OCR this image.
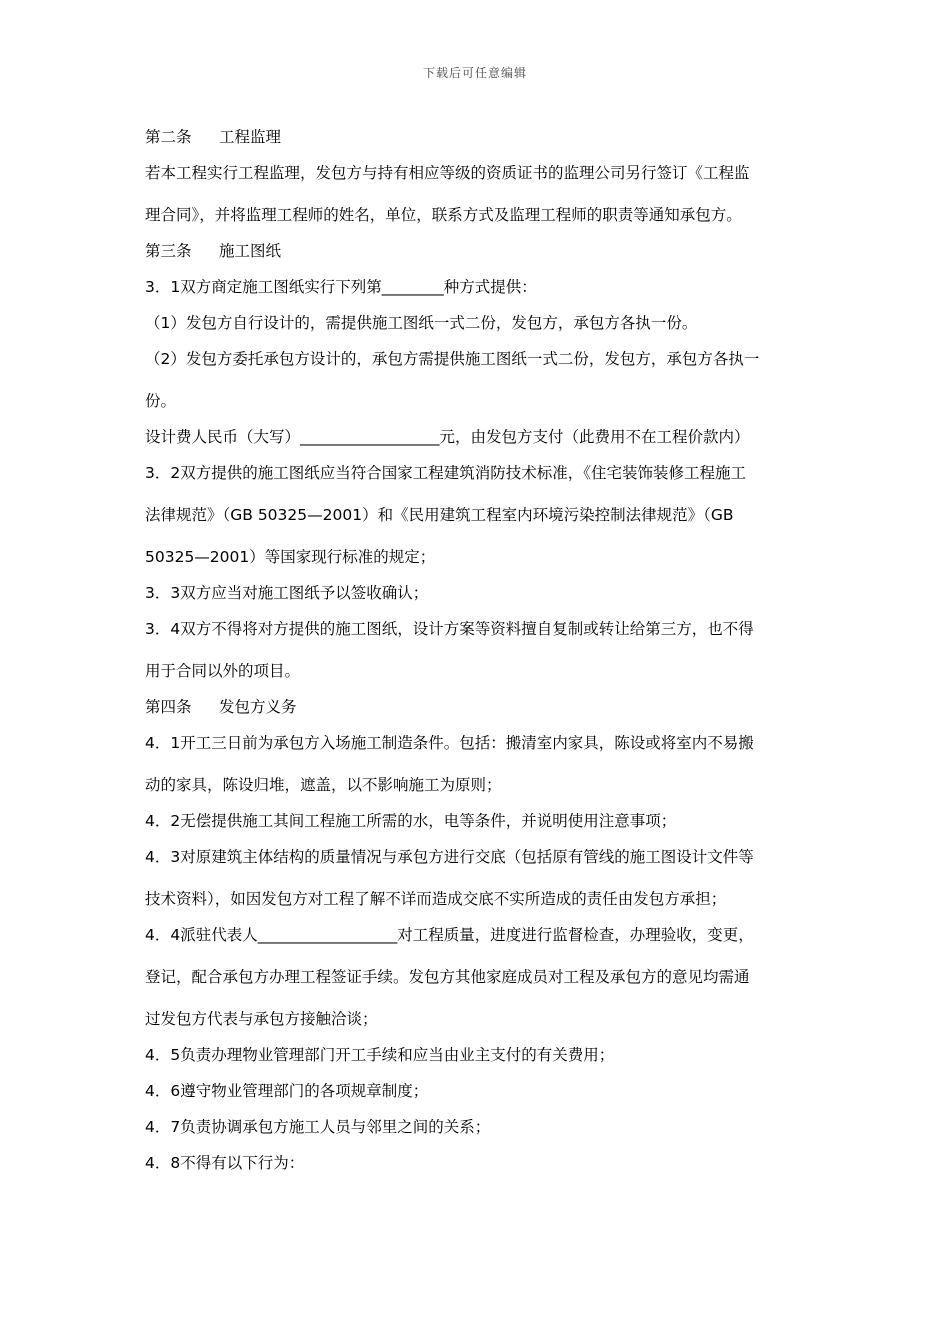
下载后可任意编辑
第二条 工程监理
若本工程实行工程监理，发包方与持有相应等级的资质证书的监理公司另行签订《工程监
理合同》，并将监理工程师的姓名，单位，联系方式及监理工程师的职责等通知承包方。
第三条 施工图纸
3．1双方商定施工图纸实行下列第________种方式提供：
（1）发包方自行设计的，需提供施工图纸一式二份，发包方，承包方各执一份。
（2）发包方委托承包方设计的，承包方需提供施工图纸一式二份，发包方，承包方各执一
份。
设计费人民币（大写）__________________元，由发包方支付（此费用不在工程价款内）
3．2双方提供的施工图纸应当符合国家工程建筑消防技术标准，《住宅装饰装修工程施工
法律规范》（GB 50325—2001）和《民用建筑工程室内环境污染控制法律规范》（GB
50325—2001）等国家现行标准的规定；
3．3双方应当对施工图纸予以签收确认；
3．4双方不得将对方提供的施工图纸，设计方案等资料擅自复制或转让给第三方，也不得
用于合同以外的项目。
第四条 发包方义务
4．1开工三日前为承包方入场施工制造条件。包括：搬清室内家具，陈设或将室内不易搬
动的家具，陈设归堆，遮盖，以不影响施工为原则；
4．2无偿提供施工其间工程施工所需的水，电等条件，并说明使用注意事项；
4．3对原建筑主体结构的质量情况与承包方进行交底（包括原有管线的施工图设计文件等
技术资料），如因发包方对工程了解不详而造成交底不实所造成的责任由发包方承担；
4．4派驻代表人__________________对工程质量，进度进行监督检查，办理验收，变更，
登记，配合承包方办理工程签证手续。发包方其他家庭成员对工程及承包方的意见均需通
过发包方代表与承包方接触洽谈；
4．5负责办理物业管理部门开工手续和应当由业主支付的有关费用；
4．6遵守物业管理部门的各项规章制度；
4．7负责协调承包方施工人员与邻里之间的关系；
4．8不得有以下行为：
